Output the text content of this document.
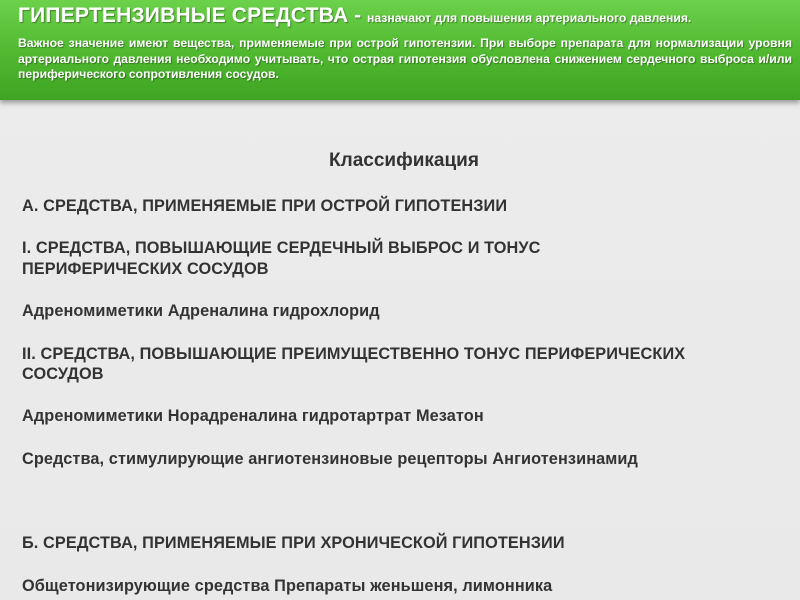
ГИПЕРТЕНЗИВНЫЕ СРЕДСТВА - назначают для повышения артериального давления.
Важное значение имеют вещества, применяемые при острой гипотензии. При выборе препарата для нормализации уровня артериального давления необходимо учитывать, что острая гипотензия обусловлена снижением сердечного выброса и/или периферического сопротивления сосудов.
Классификация
А. СРЕДСТВА, ПРИМЕНЯЕМЫЕ ПРИ ОСТРОЙ ГИПОТЕНЗИИ
I. СРЕДСТВА, ПОВЫШАЮЩИЕ СЕРДЕЧНЫЙ ВЫБРОС И ТОНУС
ПЕРИФЕРИЧЕСКИХ СОСУДОВ
Адреномиметики Адреналина гидрохлорид
II. СРЕДСТВА, ПОВЫШАЮЩИЕ ПРЕИМУЩЕСТВЕННО ТОНУС ПЕРИФЕРИЧЕСКИХ
СОСУДОВ
Адреномиметики Норадреналина гидротартрат Мезатон
Средства, стимулирующие ангиотензиновые рецепторы Ангиотензинамид
Б. СРЕДСТВА, ПРИМЕНЯЕМЫЕ ПРИ ХРОНИЧЕСКОЙ ГИПОТЕНЗИИ
Общетонизирующие средства Препараты женьшеня, лимонника
